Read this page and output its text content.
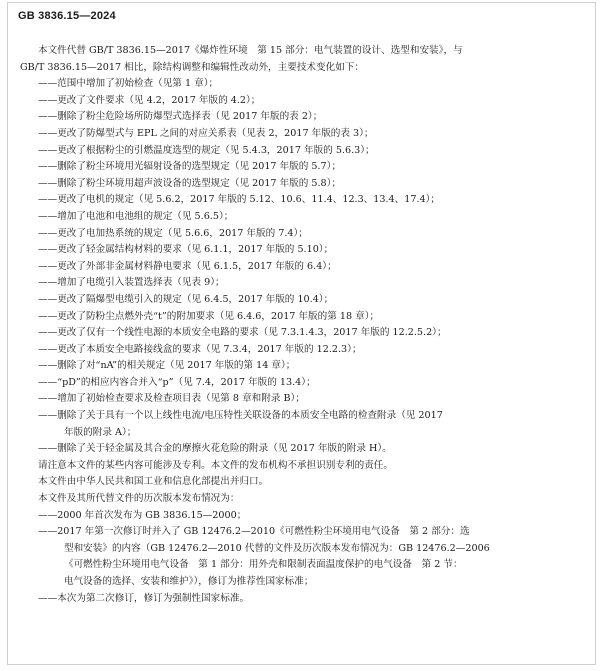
GB 3836.15—2024
本文件代替 GB/T 3836.15—2017《爆炸性环境　第 15 部分：电气装置的设计、选型和安装》，与
GB/T 3836.15—2017 相比，除结构调整和编辑性改动外，主要技术变化如下：
——范围中增加了初始检查（见第 1 章）；
——更改了文件要求（见 4.2，2017 年版的 4.2）；
——删除了粉尘危险场所防爆型式选择表（见 2017 年版的表 2）；
——更改了防爆型式与 EPL 之间的对应关系表（见表 2，2017 年版的表 3）；
——更改了根据粉尘的引燃温度选型的规定（见 5.4.3，2017 年版的 5.6.3）；
——删除了粉尘环境用光辐射设备的选型规定（见 2017 年版的 5.7）；
——删除了粉尘环境用超声波设备的选型规定（见 2017 年版的 5.8）；
——更改了电机的规定（见 5.6.2，2017 年版的 5.12、10.6、11.4、12.3、13.4、17.4）；
——增加了电池和电池组的规定（见 5.6.5）；
——更改了电加热系统的规定（见 5.6.6，2017 年版的 7.4）；
——更改了轻金属结构材料的要求（见 6.1.1，2017 年版的 5.10）；
——更改了外部非金属材料静电要求（见 6.1.5，2017 年版的 6.4）；
——增加了电缆引入装置选择表（见表 9）；
——更改了隔爆型电缆引入的规定（见 6.4.5，2017 年版的 10.4）；
——更改了防粉尘点燃外壳“t”的附加要求（见 6.4.6，2017 年版的第 18 章）；
——更改了仅有一个线性电源的本质安全电路的要求（见 7.3.1.4.3，2017 年版的 12.2.5.2）；
——更改了本质安全电路接线盒的要求（见 7.3.4，2017 年版的 12.2.3）；
——删除了对“nA”的相关规定（见 2017 年版的第 14 章）；
——“pD”的相应内容合并入“p”（见 7.4，2017 年版的 13.4）；
——增加了初始检查要求及检查项目表（见第 8 章和附录 B）；
——删除了关于具有一个以上线性电流/电压特性关联设备的本质安全电路的检查附录（见 2017
年版的附录 A）；
——删除了关于轻金属及其合金的摩擦火花危险的附录（见 2017 年版的附录 H）。
请注意本文件的某些内容可能涉及专利。本文件的发布机构不承担识别专利的责任。
本文件由中华人民共和国工业和信息化部提出并归口。
本文件及其所代替文件的历次版本发布情况为：
——2000 年首次发布为 GB 3836.15—2000；
——2017 年第一次修订时并入了 GB 12476.2—2010《可燃性粉尘环境用电气设备　第 2 部分：选
型和安装》的内容（GB 12476.2—2010 代替的文件及历次版本发布情况为：GB 12476.2—2006
《可燃性粉尘环境用电气设备　第 1 部分：用外壳和限制表面温度保护的电气设备　第 2 节：
电气设备的选择、安装和维护》），修订为推荐性国家标准；
——本次为第二次修订，修订为强制性国家标准。
